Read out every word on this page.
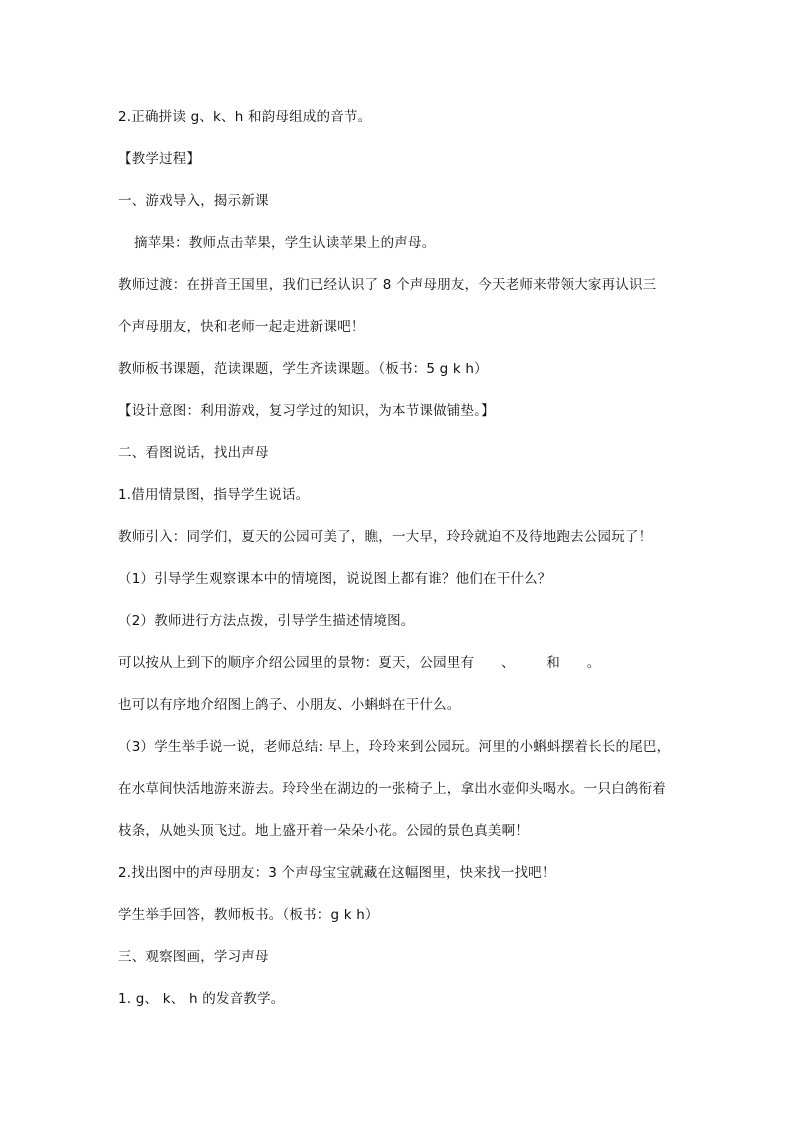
2.正确拼读 g、k、h 和韵母组成的音节。
【教学过程】
一、游戏导入，揭示新课
摘苹果：教师点击苹果，学生认读苹果上的声母。
教师过渡：在拼音王国里，我们已经认识了 8 个声母朋友，今天老师来带领大家再认识三
个声母朋友，快和老师一起走进新课吧！
教师板书课题，范读课题，学生齐读课题。（板书：5 g k h）
【设计意图：利用游戏，复习学过的知识，为本节课做铺垫。】
二、看图说话，找出声母
1.借用情景图，指导学生说话。
教师引入：同学们，夏天的公园可美了，瞧，一大早，玲玲就迫不及待地跑去公园玩了！
（1）引导学生观察课本中的情境图，说说图上都有谁？他们在干什么？
（2）教师进行方法点拨，引导学生描述情境图。
可以按从上到下的顺序介绍公园里的景物：夏天，公园里有      、       和      。
也可以有序地介绍图上鸽子、小朋友、小蝌蚪在干什么。
（3）学生举手说一说，老师总结: 早上，玲玲来到公园玩。河里的小蝌蚪摆着长长的尾巴，
在水草间快活地游来游去。玲玲坐在湖边的一张椅子上，拿出水壶仰头喝水。一只白鸽衔着
枝条，从她头顶飞过。地上盛开着一朵朵小花。公园的景色真美啊！
2.找出图中的声母朋友：3 个声母宝宝就藏在这幅图里，快来找一找吧！
学生举手回答，教师板书。（板书：g k h）
三、观察图画，学习声母
1. g、 k、 h 的发音教学。
